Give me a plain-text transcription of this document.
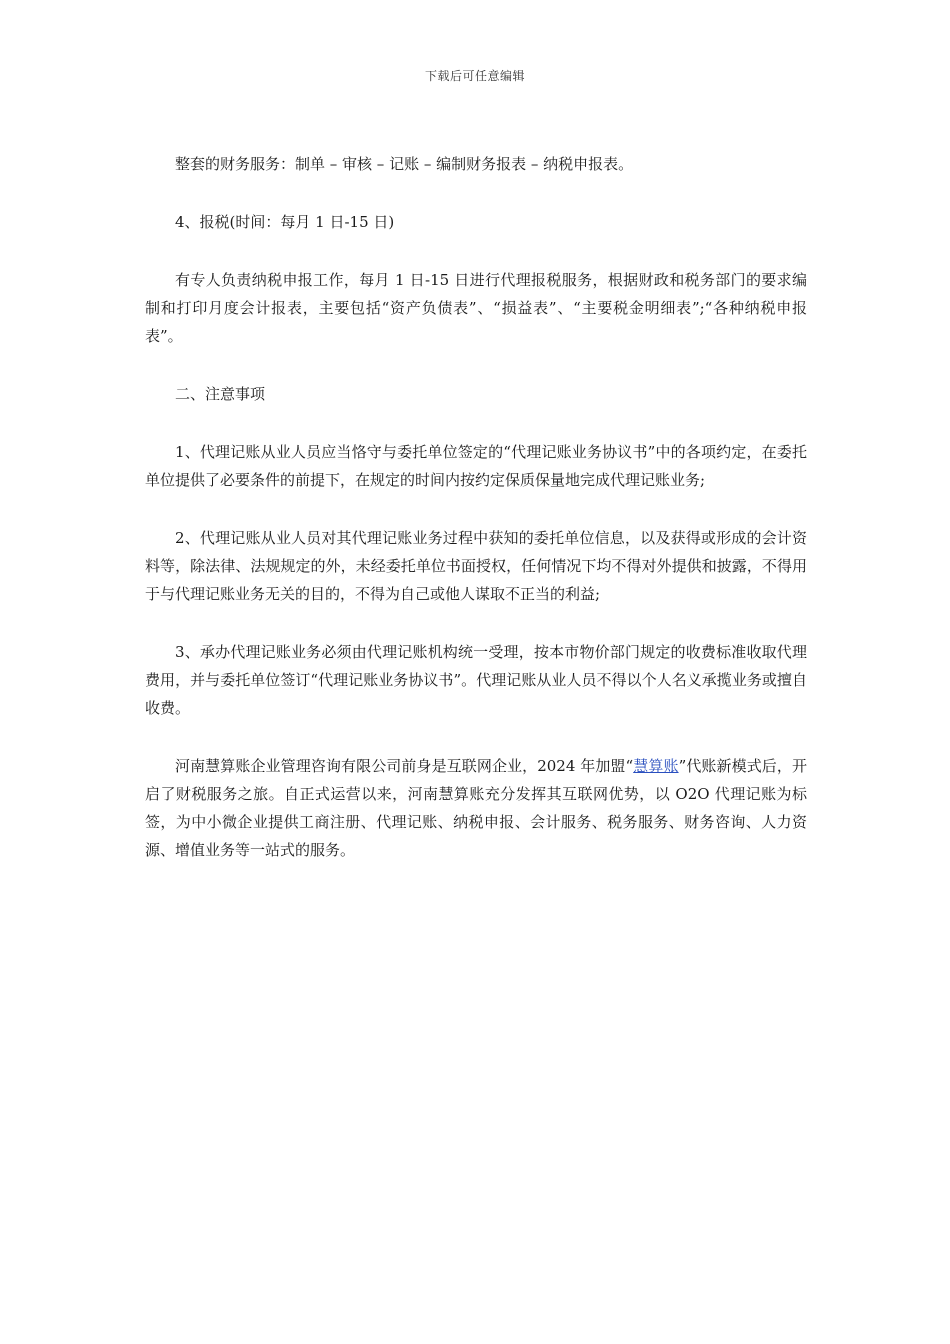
下载后可任意编辑

整套的财务服务：制单 – 审核 – 记账 – 编制财务报表 – 纳税申报表。

4、报税(时间：每月 1 日-15 日)

有专人负责纳税申报工作，每月 1 日-15 日进行代理报税服务，根据财政和税务部门的要求编制和打印月度会计报表，主要包括“资产负债表”、“损益表”、“主要税金明细表”;“各种纳税申报表”。

二、注意事项

1、代理记账从业人员应当恪守与委托单位签定的“代理记账业务协议书”中的各项约定，在委托单位提供了必要条件的前提下，在规定的时间内按约定保质保量地完成代理记账业务;

2、代理记账从业人员对其代理记账业务过程中获知的委托单位信息，以及获得或形成的会计资料等，除法律、法规规定的外，未经委托单位书面授权，任何情况下均不得对外提供和披露，不得用于与代理记账业务无关的目的，不得为自己或他人谋取不正当的利益;

3、承办代理记账业务必须由代理记账机构统一受理，按本市物价部门规定的收费标准收取代理费用，并与委托单位签订“代理记账业务协议书”。代理记账从业人员不得以个人名义承揽业务或擅自收费。

河南慧算账企业管理咨询有限公司前身是互联网企业，2024 年加盟“慧算账”代账新模式后，开启了财税服务之旅。自正式运营以来，河南慧算账充分发挥其互联网优势，以 O2O 代理记账为标签，为中小微企业提供工商注册、代理记账、纳税申报、会计服务、税务服务、财务咨询、人力资源、增值业务等一站式的服务。
